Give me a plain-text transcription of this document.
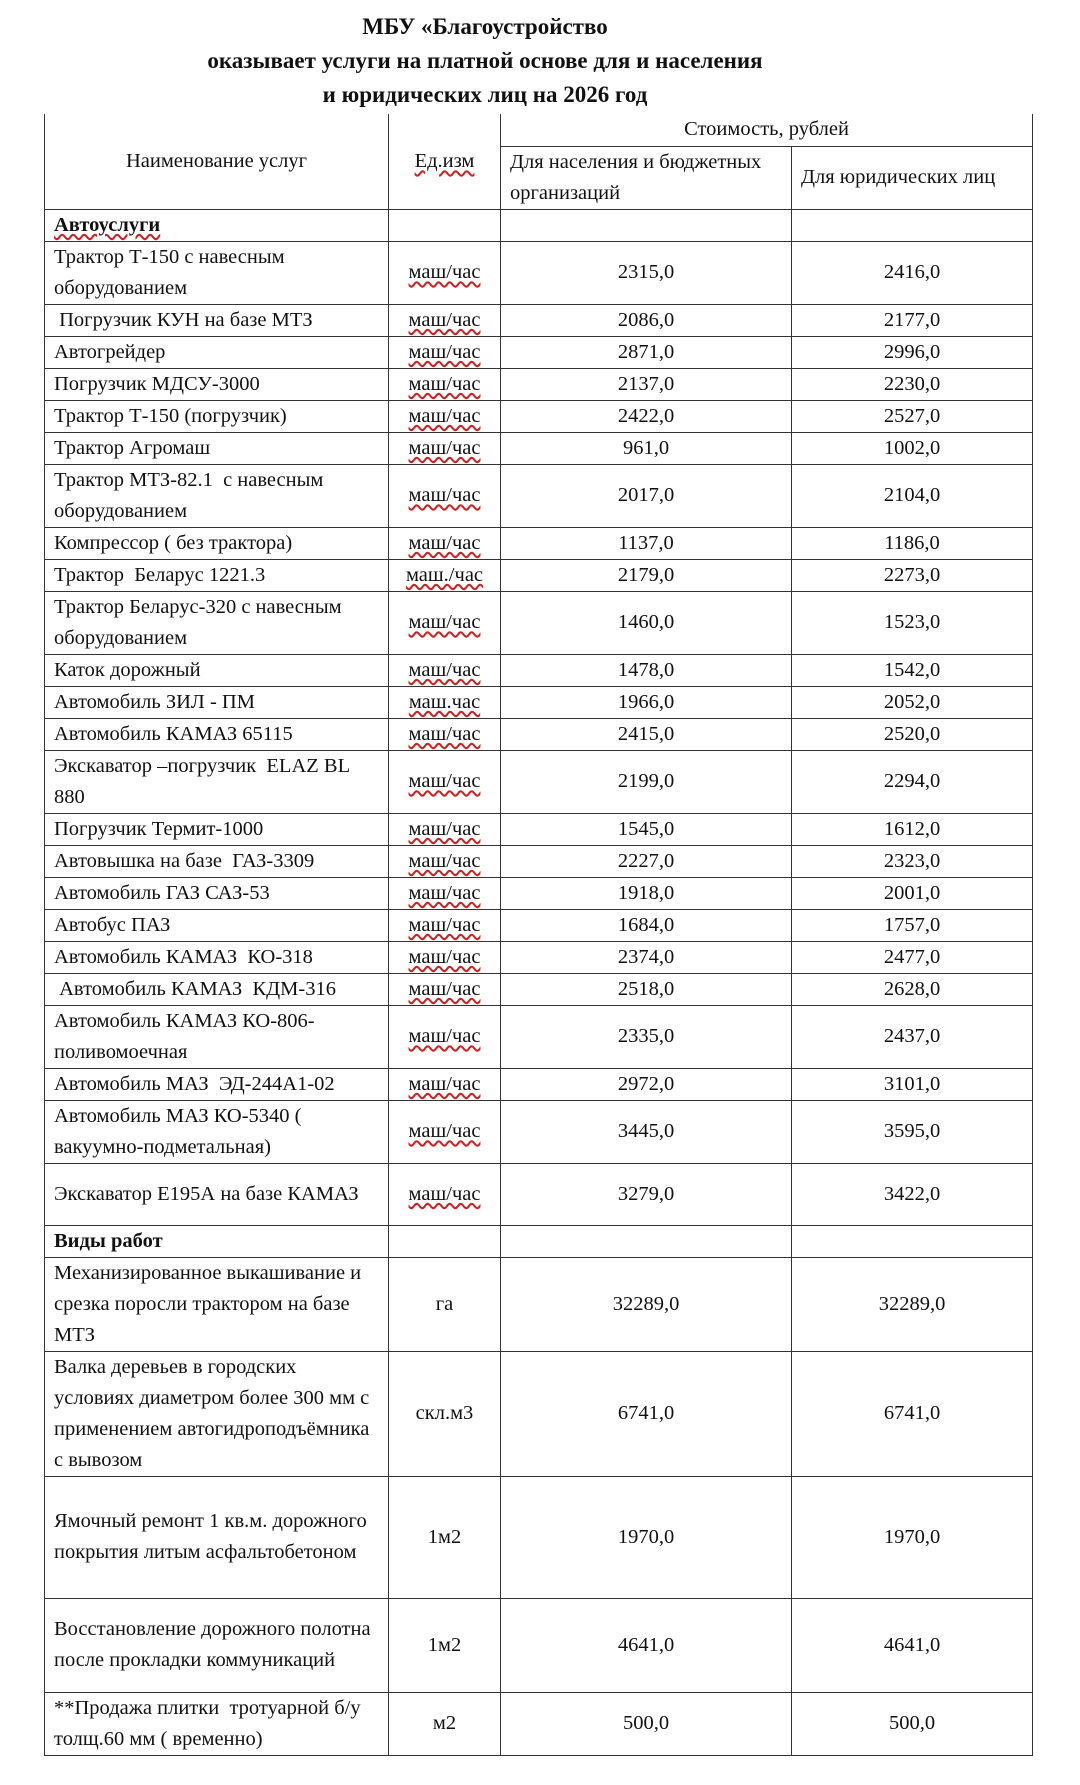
МБУ «Благоустройство
оказывает услуги на платной основе для и населения
и юридических лиц на 2026 год
Наименование услуг	Ед.изм	Стоимость, рублей	
		Для населения и бюджетных организаций	Для юридических лиц
Автоуслуги			
Трактор Т-150 с навесным оборудованием	маш/час	2315,0	2416,0
Погрузчик КУН на базе МТЗ	маш/час	2086,0	2177,0
Автогрейдер	маш/час	2871,0	2996,0
Погрузчик МДСУ-3000	маш/час	2137,0	2230,0
Трактор Т-150 (погрузчик)	маш/час	2422,0	2527,0
Трактор Агромаш	маш/час	961,0	1002,0
Трактор МТЗ-82.1  с навесным оборудованием	маш/час	2017,0	2104,0
Компрессор ( без трактора)	маш/час	1137,0	1186,0
Трактор  Беларус 1221.3	маш./час	2179,0	2273,0
Трактор Беларус-320 с навесным оборудованием	маш/час	1460,0	1523,0
Каток дорожный	маш/час	1478,0	1542,0
Автомобиль ЗИЛ - ПМ	маш.час	1966,0	2052,0
Автомобиль КАМАЗ 65115	маш/час	2415,0	2520,0
Экскаватор –погрузчик  ELAZ BL 880	маш/час	2199,0	2294,0
Погрузчик Термит-1000	маш/час	1545,0	1612,0
Автовышка на базе  ГАЗ-3309	маш/час	2227,0	2323,0
Автомобиль ГАЗ САЗ-53	маш/час	1918,0	2001,0
Автобус ПАЗ	маш/час	1684,0	1757,0
Автомобиль КАМАЗ  КО-318	маш/час	2374,0	2477,0
Автомобиль КАМАЗ  КДМ-316	маш/час	2518,0	2628,0
Автомобиль КАМАЗ КО-806-поливомоечная	маш/час	2335,0	2437,0
Автомобиль МАЗ  ЭД-244А1-02	маш/час	2972,0	3101,0
Автомобиль МАЗ КО-5340 ( вакуумно-подметальная)	маш/час	3445,0	3595,0
Экскаватор Е195А на базе КАМАЗ	маш/час	3279,0	3422,0
Виды работ			
Механизированное выкашивание и срезка поросли трактором на базе МТЗ	га	32289,0	32289,0
Валка деревьев в городских условиях диаметром более 300 мм с применением автогидроподъёмника с вывозом	скл.м3	6741,0	6741,0
Ямочный ремонт 1 кв.м. дорожного покрытия литым асфальтобетоном	1м2	1970,0	1970,0
Восстановление дорожного полотна после прокладки коммуникаций	1м2	4641,0	4641,0
**Продажа плитки  тротуарной б/у толщ.60 мм ( временно)	м2	500,0	500,0
